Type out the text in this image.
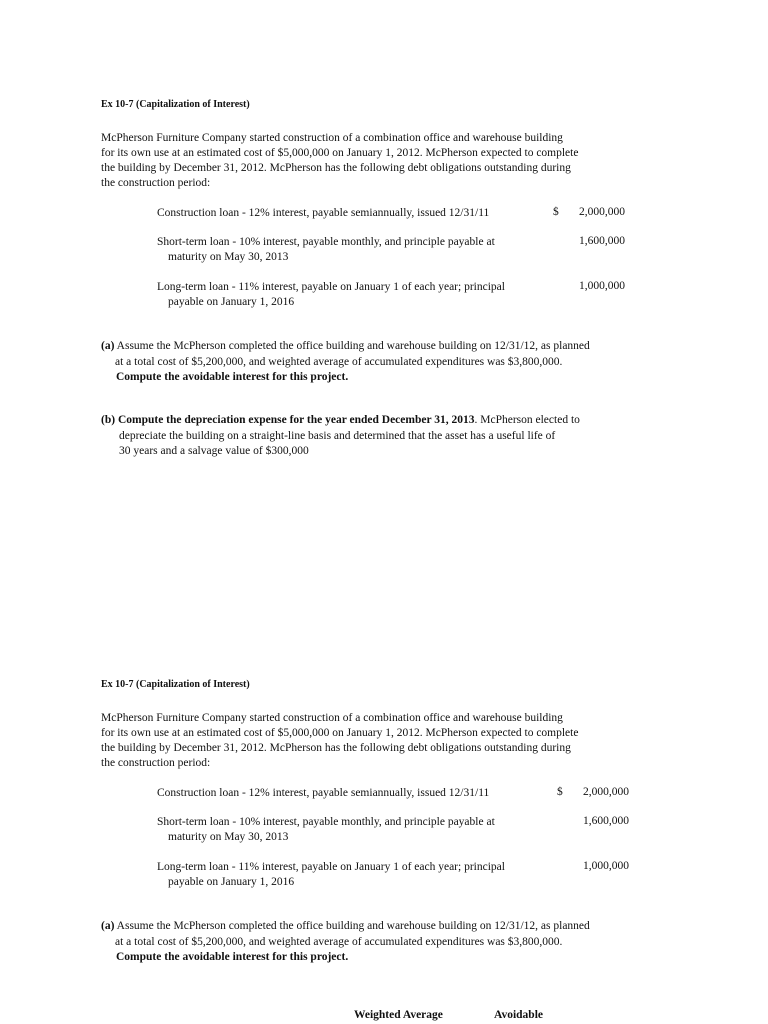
Ex 10-7 (Capitalization of Interest)
McPherson Furniture Company started construction of a combination office and warehouse building
for its own use at an estimated cost of $5,000,000 on January 1, 2012. McPherson expected to complete
the building by December 31, 2012. McPherson has the following debt obligations outstanding during
the construction period:
Construction loan - 12% interest, payable semiannually, issued 12/31/11	$	2,000,000
Short-term loan - 10% interest, payable monthly, and principle payable at
maturity on May 30, 2013
1,600,000
Long-term loan - 11% interest, payable on January 1 of each year; principal
payable on January 1, 2016
1,000,000
(a) Assume the McPherson completed the office building and warehouse building on 12/31/12, as planned
at a total cost of $5,200,000, and weighted average of accumulated expenditures was $3,800,000.
Compute the avoidable interest for this project.
(b) Compute the depreciation expense for the year ended December 31, 2013. McPherson elected to
depreciate the building on a straight-line basis and determined that the asset has a useful life of
30 years and a salvage value of $300,000
Ex 10-7 (Capitalization of Interest)
McPherson Furniture Company started construction of a combination office and warehouse building
for its own use at an estimated cost of $5,000,000 on January 1, 2012. McPherson expected to complete
the building by December 31, 2012. McPherson has the following debt obligations outstanding during
the construction period:
Construction loan - 12% interest, payable semiannually, issued 12/31/11	$	2,000,000
Short-term loan - 10% interest, payable monthly, and principle payable at
maturity on May 30, 2013
1,600,000
Long-term loan - 11% interest, payable on January 1 of each year; principal
payable on January 1, 2016
1,000,000
(a) Assume the McPherson completed the office building and warehouse building on 12/31/12, as planned
at a total cost of $5,200,000, and weighted average of accumulated expenditures was $3,800,000.
Compute the avoidable interest for this project.
Weighted Average	Avoidable
